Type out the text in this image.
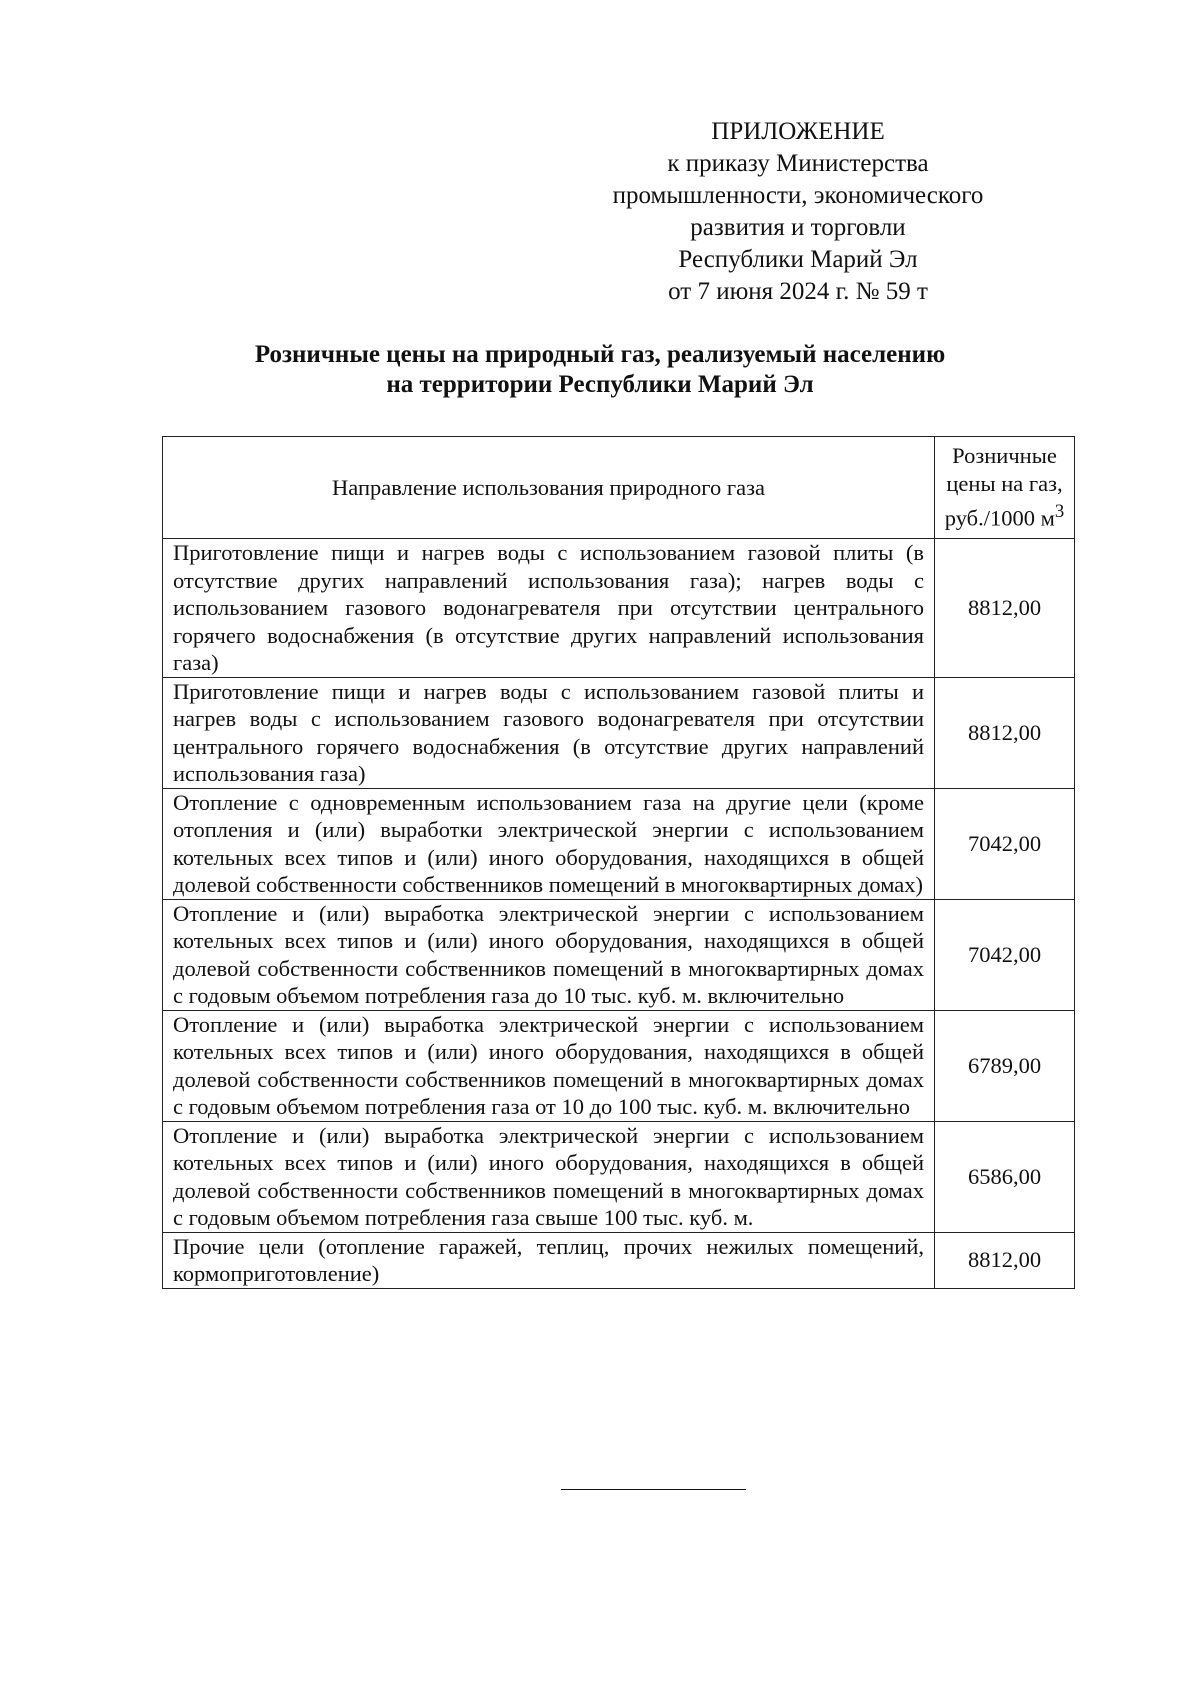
ПРИЛОЖЕНИЕ
к приказу Министерства
промышленности, экономического
развития и торговли
Республики Марий Эл
от 7 июня 2024 г. № 59 т
Розничные цены на природный газ, реализуемый населению
на территории Республики Марий Эл
Направление использования природного газа	Розничные
цены на газ,
руб./1000 $м^3$

Приготовление пищи и нагрев воды с использованием газовой плиты (в отсутствие других направлений использования газа); нагрев воды с использованием газового водонагревателя при отсутствии центрального горячего водоснабжения (в отсутствие других направлений использования газа)	8812,00
Приготовление пищи и нагрев воды с использованием газовой плиты и нагрев воды с использованием газового водонагревателя при отсутствии центрального горячего водоснабжения (в отсутствие других направлений использования газа)	8812,00
Отопление с одновременным использованием газа на другие цели (кроме отопления и (или) выработки электрической энергии с использованием котельных всех типов и (или) иного оборудования, находящихся в общей долевой собственности собственников помещений в многоквартирных домах)	7042,00
Отопление и (или) выработка электрической энергии с использованием котельных всех типов и (или) иного оборудования, находящихся в общей долевой собственности собственников помещений в многоквартирных домах с годовым объемом потребления газа до 10 тыс. куб. м. включительно	7042,00
Отопление и (или) выработка электрической энергии с использованием котельных всех типов и (или) иного оборудования, находящихся в общей долевой собственности собственников помещений в многоквартирных домах с годовым объемом потребления газа от 10 до 100 тыс. куб. м. включительно	6789,00
Отопление и (или) выработка электрической энергии с использованием котельных всех типов и (или) иного оборудования, находящихся в общей долевой собственности собственников помещений в многоквартирных домах с годовым объемом потребления газа свыше 100 тыс. куб. м.	6586,00
Прочие цели (отопление гаражей, теплиц, прочих нежилых помещений, кормоприготовление)	8812,00
